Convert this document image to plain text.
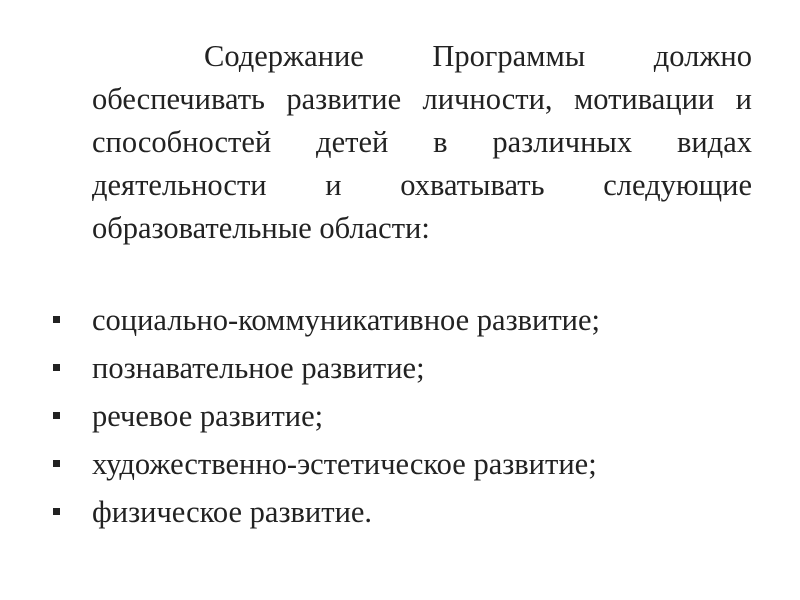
Содержание Программы должно обеспечивать развитие личности, мотивации и способностей детей в различных видах деятельности и охватывать следующие образовательные области:

социально-коммуникативное развитие;
познавательное развитие;
речевое развитие;
художественно-эстетическое развитие;
физическое развитие.
